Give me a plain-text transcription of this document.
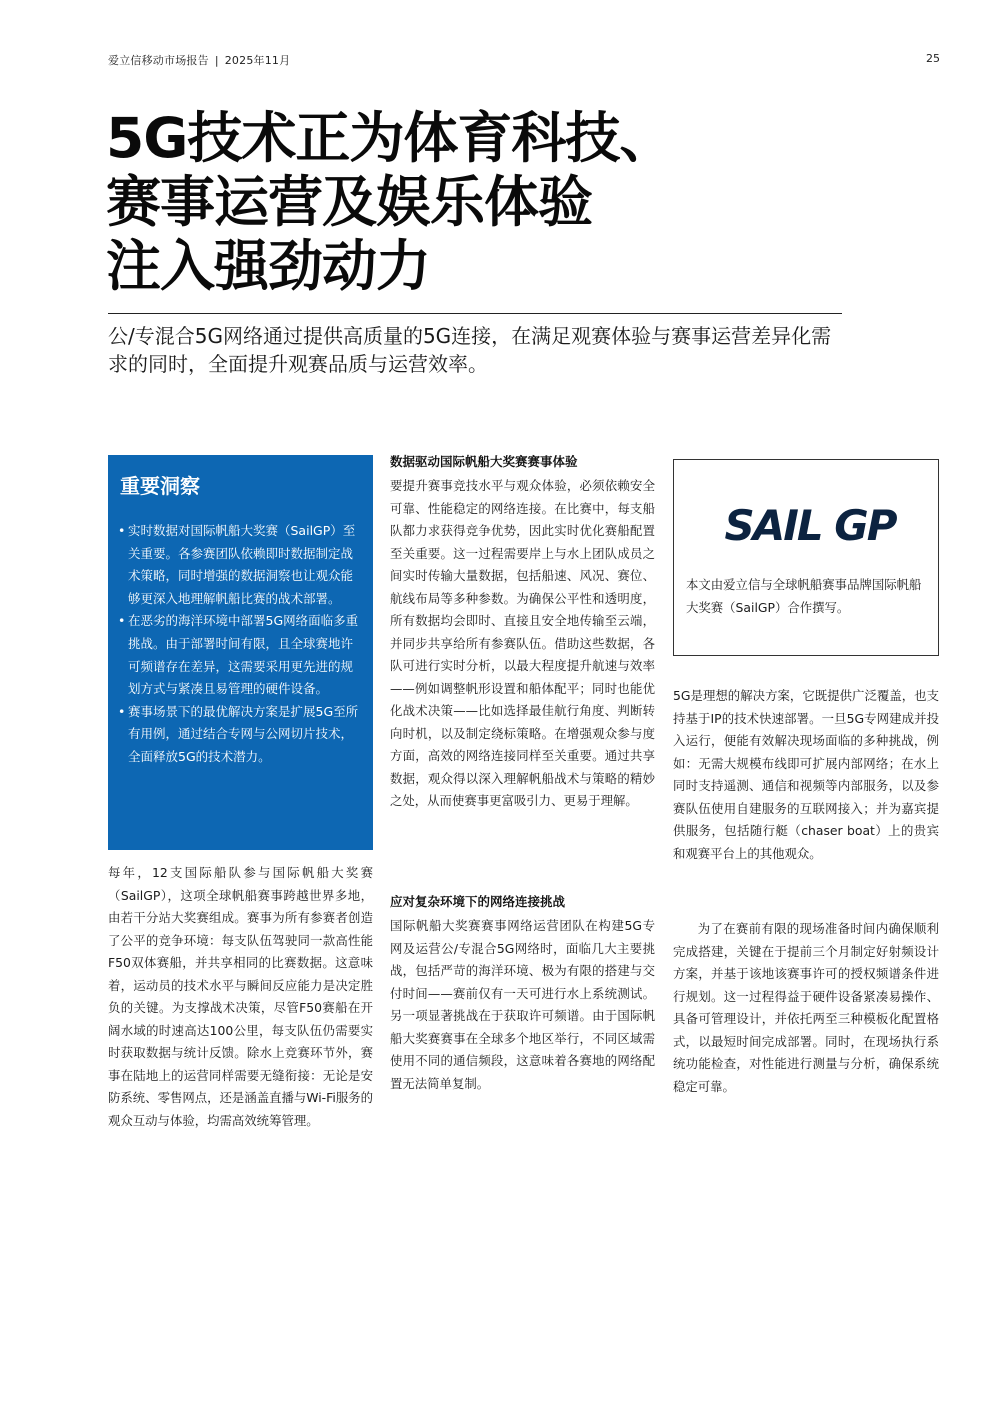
爱立信移动市场报告 | 2025年11月	25
5G技术正为体育科技、
赛事运营及娱乐体验
注入强劲动力

公/专混合5G网络通过提供高质量的5G连接，在满足观赛体验与赛事运营差异化需求的同时，全面提升观赛品质与运营效率。

重要洞察
• 实时数据对国际帆船大奖赛（SailGP）至关重要。各参赛团队依赖即时数据制定战术策略，同时增强的数据洞察也让观众能够更深入地理解帆船比赛的战术部署。
• 在恶劣的海洋环境中部署5G网络面临多重挑战。由于部署时间有限，且全球赛地许可频谱存在差异，这需要采用更先进的规划方式与紧凑且易管理的硬件设备。
• 赛事场景下的最优解决方案是扩展5G至所有用例，通过结合专网与公网切片技术，全面释放5G的技术潜力。

每年，12支国际船队参与国际帆船大奖赛（SailGP），这项全球帆船赛事跨越世界多地，由若干分站大奖赛组成。赛事为所有参赛者创造了公平的竞争环境：每支队伍驾驶同一款高性能F50双体赛船，并共享相同的比赛数据。这意味着，运动员的技术水平与瞬间反应能力是决定胜负的关键。为支撑战术决策，尽管F50赛船在开阔水域的时速高达100公里，每支队伍仍需要实时获取数据与统计反馈。除水上竞赛环节外，赛事在陆地上的运营同样需要无缝衔接：无论是安防系统、零售网点，还是涵盖直播与Wi-Fi服务的观众互动与体验，均需高效统筹管理。

数据驱动国际帆船大奖赛赛事体验

要提升赛事竞技水平与观众体验，必须依赖安全可靠、性能稳定的网络连接。在比赛中，每支船队都力求获得竞争优势，因此实时优化赛船配置至关重要。这一过程需要岸上与水上团队成员之间实时传输大量数据，包括船速、风况、赛位、航线布局等多种参数。为确保公平性和透明度，所有数据均会即时、直接且安全地传输至云端，并同步共享给所有参赛队伍。借助这些数据，各队可进行实时分析，以最大程度提升航速与效率——例如调整帆形设置和船体配平；同时也能优化战术决策——比如选择最佳航行角度、判断转向时机，以及制定绕标策略。在增强观众参与度方面，高效的网络连接同样至关重要。通过共享数据，观众得以深入理解帆船战术与策略的精妙之处，从而使赛事更富吸引力、更易于理解。

应对复杂环境下的网络连接挑战

国际帆船大奖赛赛事网络运营团队在构建5G专网及运营公/专混合5G网络时，面临几大主要挑战，包括严苛的海洋环境、极为有限的搭建与交付时间——赛前仅有一天可进行水上系统测试。另一项显著挑战在于获取许可频谱。由于国际帆船大奖赛赛事在全球多个地区举行，不同区域需使用不同的通信频段，这意味着各赛地的网络配置无法简单复制。

SAIL GP

本文由爱立信与全球帆船赛事品牌国际帆船大奖赛（SailGP）合作撰写。

5G是理想的解决方案，它既提供广泛覆盖，也支持基于IP的技术快速部署。一旦5G专网建成并投入运行，便能有效解决现场面临的多种挑战，例如：无需大规模布线即可扩展内部网络；在水上同时支持遥测、通信和视频等内部服务，以及参赛队伍使用自建服务的互联网接入；并为嘉宾提供服务，包括随行艇（chaser boat）上的贵宾和观赛平台上的其他观众。

为了在赛前有限的现场准备时间内确保顺利完成搭建，关键在于提前三个月制定好射频设计方案，并基于该地该赛事许可的授权频谱条件进行规划。这一过程得益于硬件设备紧凑易操作、具备可管理设计，并依托两至三种模板化配置格式，以最短时间完成部署。同时，在现场执行系统功能检查，对性能进行测量与分析，确保系统稳定可靠。
